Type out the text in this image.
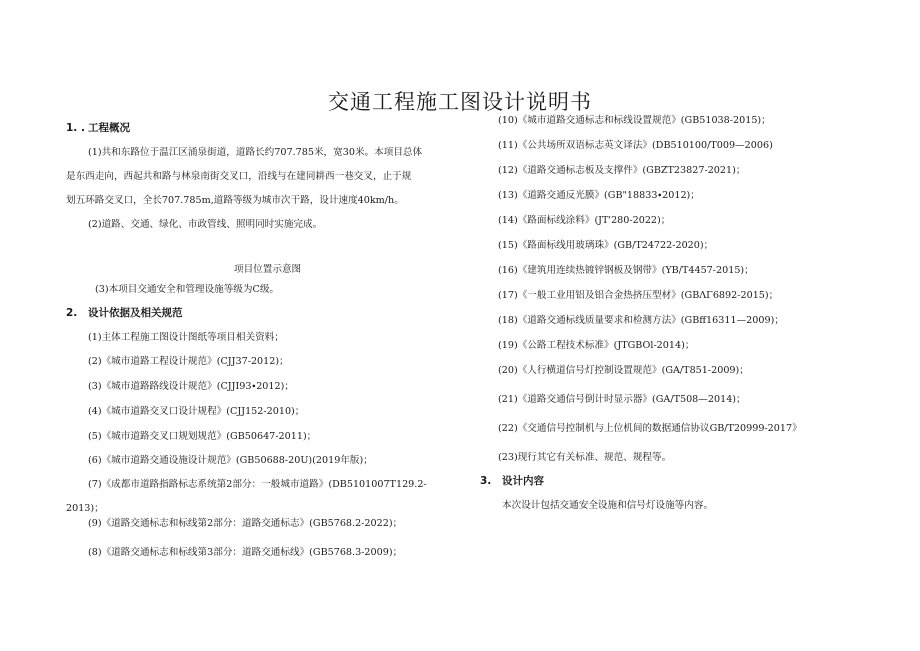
交通工程施工图设计说明书
1. . 工程概况
(1)共和东路位于温江区涌泉街道，道路长约707.785米，宽30米。本项目总体
是东西走向，西起共和路与林泉南街交叉口，沿线与在建同耕西一巷交叉，止于规
划五环路交叉口，全长707.785m,道路等级为城市次干路，设计速度40km∕h。
(2)道路、交通、绿化、市政管线、照明同时实施完成。
项目位置示意图
(3)本项目交通安全和管理设施等级为C级。
2. 设计依据及相关规范
(1)主体工程施工图设计图纸等项目相关资料；
(2)《城市道路工程设计规范》(CJJ37-2012)；
(3)《城市道路路线设计规范》(CJJI93∙2012)；
(4)《城市道路交叉口设计规程》(CJJ152-2010)；
(5)《城市道路交叉口规划规范》(GB50647-2011)；
(6)《城市道路交通设施设计规范》(GB50688-20U)(2019年版)；
(7)《成都市道路指路标志系统第2部分：一般城市道路》(DB5101007T129.2-
2013)；
(9)《道路交通标志和标线第2部分：道路交通标志》(GB5768.2-2022)；
(8)《道路交通标志和标线第3部分：道路交通标线》(GB5768.3-2009)；
(10)《城市道路交通标志和标线设置规范》(GB51038-2015)；
(11)《公共场所双语标志英文译法》(DB510100/T009—2006)
(12)《道路交通标志板及支撑件》(GBZT23827-2021)；
(13)《道路交通反光膜》(GB"18833∙2012)；
(14)《路面标线涂料》(JT'280-2022)；
(15)《路面标线用玻璃珠》(GB/T24722-2020)；
(16)《建筑用连续热镀锌钢板及钢带》(YB/T4457-2015)；
(17)《一般工业用铝及铝合金热挤压型材》(GBΛΓ6892-2015)；
(18)《道路交通标线质量要求和检测方法》(GBff16311—2009)；
(19)《公路工程技术标准》(JTGBOl-2014)；
(20)《人行横道信号灯控制设置规范》(GA/T851-2009)；
(21)《道路交通信号倒计时显示器》(GA/T508—2014)；
(22)《交通信号控制机与上位机间的数据通信协议GB/T20999-2017》
(23)现行其它有关标准、规范、规程等。
3. 设计内容
本次设计包括交通安全设施和信号灯设施等内容。
